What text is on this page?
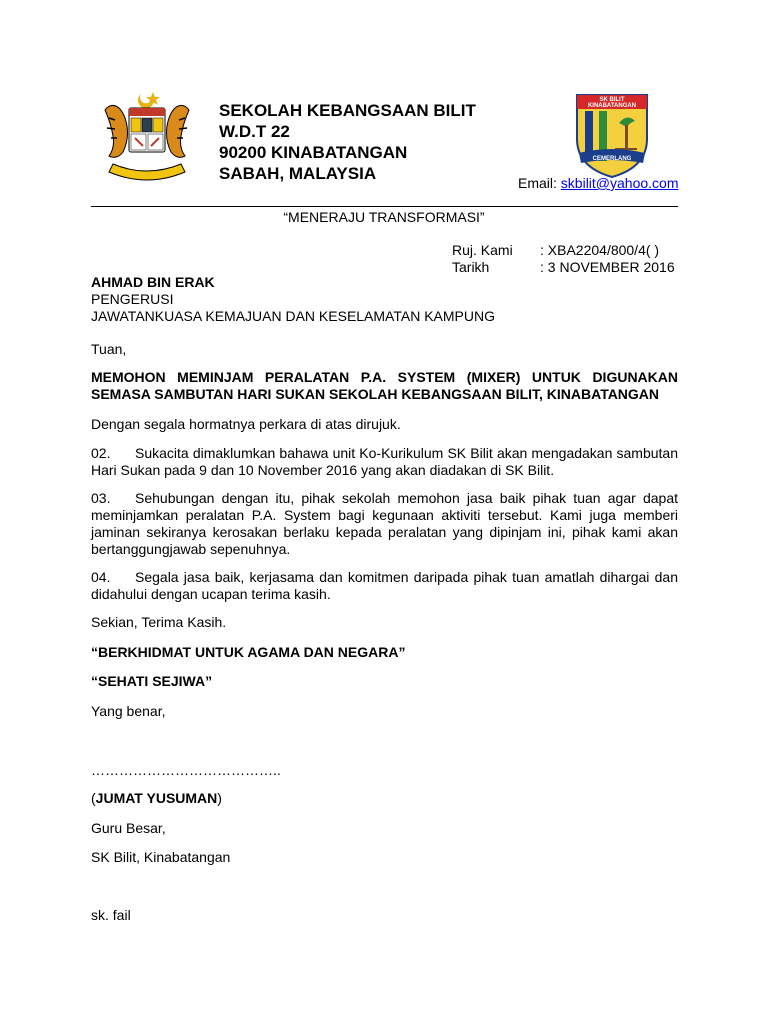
SEKOLAH KEBANGSAAN BILIT
W.D.T 22
90200 KINABATANGAN
SABAH, MALAYSIA
SK BILIT
KINABATANGAN
CEMERLANG
Email: skbilit@yahoo.com
“MENERAJU TRANSFORMASI”
Ruj. Kami	: XBA2204/800/4( )
Tarikh	: 3 NOVEMBER 2016
AHMAD BIN ERAK
PENGERUSI
JAWATANKUASA KEMAJUAN DAN KESELAMATAN KAMPUNG
Tuan,
MEMOHON MEMINJAM PERALATAN P.A. SYSTEM (MIXER) UNTUK DIGUNAKAN SEMASA SAMBUTAN HARI SUKAN SEKOLAH KEBANGSAAN BILIT, KINABATANGAN
Dengan segala hormatnya perkara di atas dirujuk.
02. Sukacita dimaklumkan bahawa unit Ko-Kurikulum SK Bilit akan mengadakan sambutan Hari Sukan pada 9 dan 10 November 2016 yang akan diadakan di SK Bilit.
03. Sehubungan dengan itu, pihak sekolah memohon jasa baik pihak tuan agar dapat meminjamkan peralatan P.A. System bagi kegunaan aktiviti tersebut. Kami juga memberi jaminan sekiranya kerosakan berlaku kepada peralatan yang dipinjam ini, pihak kami akan bertanggungjawab sepenuhnya.
04. Segala jasa baik, kerjasama dan komitmen daripada pihak tuan amatlah dihargai dan didahului dengan ucapan terima kasih.
Sekian, Terima Kasih.
“BERKHIDMAT UNTUK AGAMA DAN NEGARA”
“SEHATI SEJIWA”
Yang benar,
…………………………………..
(JUMAT YUSUMAN)
Guru Besar,
SK Bilit, Kinabatangan
sk. fail
